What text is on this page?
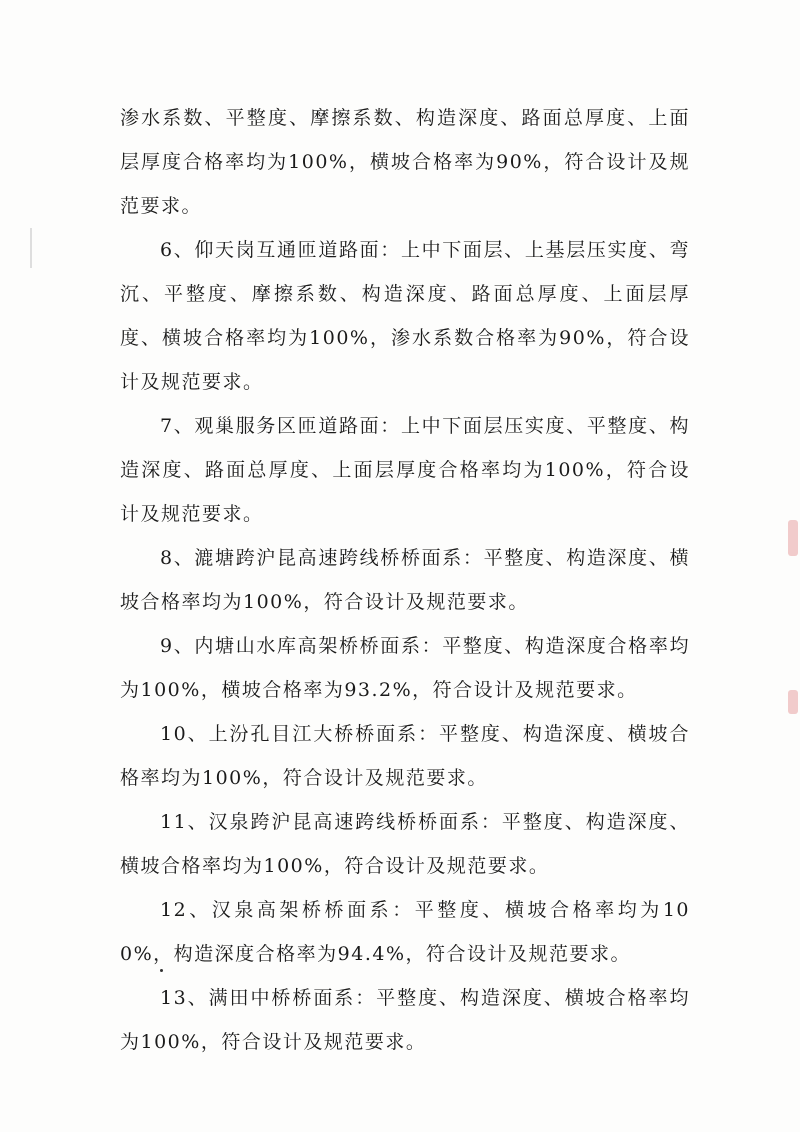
渗水系数、平整度、摩擦系数、构造深度、路面总厚度、上面层厚度合格率均为100%，横坡合格率为90%，符合设计及规范要求。

6、仰天岗互通匝道路面：上中下面层、上基层压实度、弯沉、平整度、摩擦系数、构造深度、路面总厚度、上面层厚度、横坡合格率均为100%，渗水系数合格率为90%，符合设计及规范要求。

7、观巢服务区匝道路面：上中下面层压实度、平整度、构造深度、路面总厚度、上面层厚度合格率均为100%，符合设计及规范要求。

8、漉塘跨沪昆高速跨线桥桥面系：平整度、构造深度、横坡合格率均为100%，符合设计及规范要求。

9、内塘山水库高架桥桥面系：平整度、构造深度合格率均为100%，横坡合格率为93.2%，符合设计及规范要求。

10、上汾孔目江大桥桥面系：平整度、构造深度、横坡合格率均为100%，符合设计及规范要求。

11、汉泉跨沪昆高速跨线桥桥面系：平整度、构造深度、横坡合格率均为100%，符合设计及规范要求。

12、汉泉高架桥桥面系：平整度、横坡合格率均为100%，构造深度合格率为94.4%，符合设计及规范要求。

13、满田中桥桥面系：平整度、构造深度、横坡合格率均为100%，符合设计及规范要求。
